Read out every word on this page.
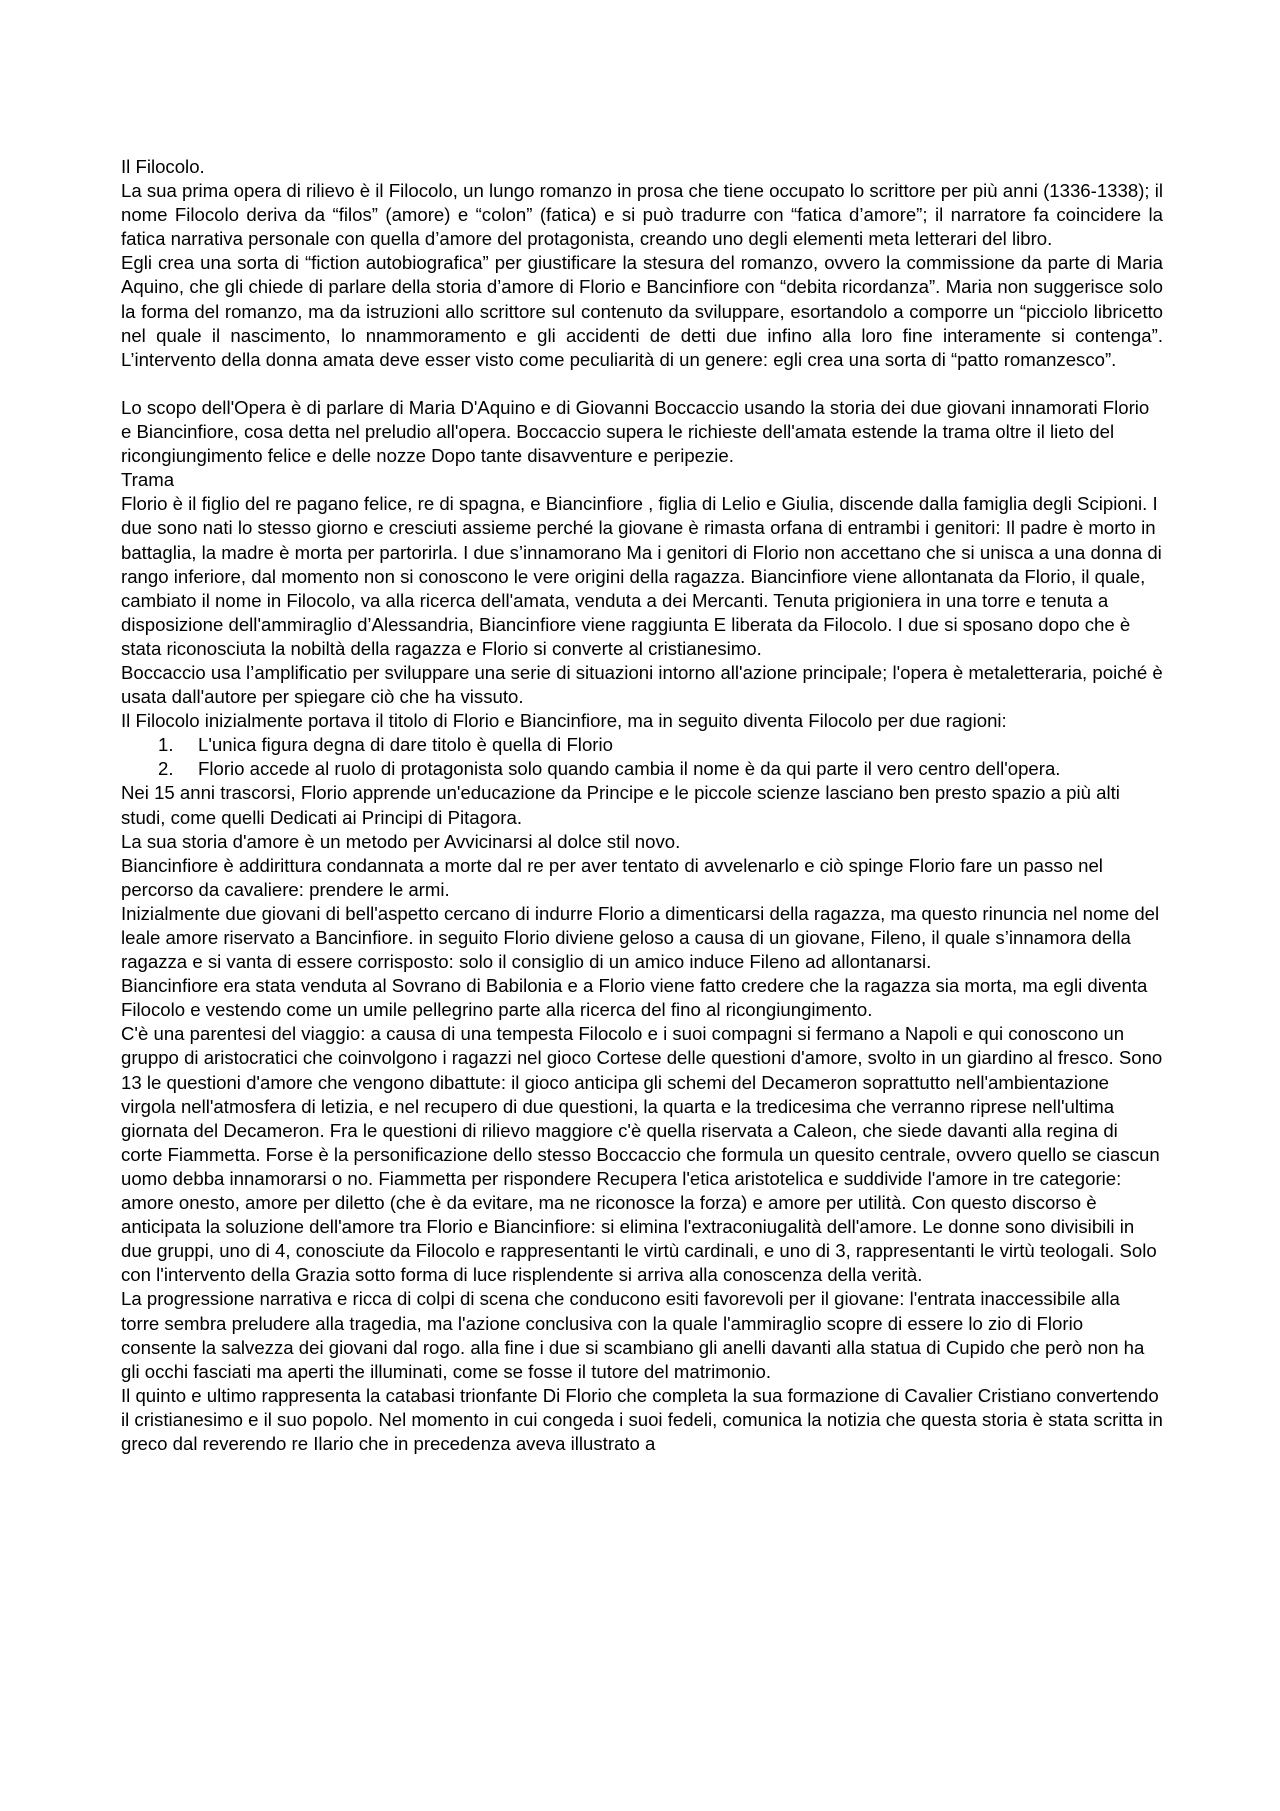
Il Filocolo.

La sua prima opera di rilievo è il Filocolo, un lungo romanzo in prosa che tiene occupato lo scrittore per più anni (1336-1338); il nome Filocolo deriva da “filos” (amore) e “colon” (fatica) e si può tradurre con “fatica d’amore”; il narratore fa coincidere la fatica narrativa personale con quella d’amore del protagonista, creando uno degli elementi meta letterari del libro.

Egli crea una sorta di “fiction autobiografica” per giustificare la stesura del romanzo, ovvero la commissione da parte di Maria Aquino, che gli chiede di parlare della storia d’amore di Florio e Bancinfiore con “debita ricordanza”. Maria non suggerisce solo la forma del romanzo, ma da istruzioni allo scrittore sul contenuto da sviluppare, esortandolo a comporre un “picciolo libricetto nel quale il nascimento, lo nnammoramento e gli accidenti de detti due infino alla loro fine interamente si contenga”. L’intervento della donna amata deve esser visto come peculiarità di un genere: egli crea una sorta di “patto romanzesco”.

Lo scopo dell'Opera è di parlare di Maria D'Aquino e di Giovanni Boccaccio usando la storia dei due giovani innamorati Florio e Biancinfiore, cosa detta nel preludio all'opera. Boccaccio supera le richieste dell'amata estende la trama oltre il lieto del ricongiungimento felice e delle nozze Dopo tante disavventure e peripezie.

Trama

Florio è il figlio del re pagano felice, re di spagna, e Biancinfiore , figlia di Lelio e Giulia, discende dalla famiglia degli Scipioni. I due sono nati lo stesso giorno e cresciuti assieme perché la giovane è rimasta orfana di entrambi i genitori: Il padre è morto in battaglia, la madre è morta per partorirla. I due s’innamorano Ma i genitori di Florio non accettano che si unisca a una donna di rango inferiore, dal momento non si conoscono le vere origini della ragazza. Biancinfiore viene allontanata da Florio, il quale, cambiato il nome in Filocolo, va alla ricerca dell'amata, venduta a dei Mercanti. Tenuta prigioniera in una torre e tenuta a disposizione dell'ammiraglio d’Alessandria, Biancinfiore viene raggiunta E liberata da Filocolo. I due si sposano dopo che è stata riconosciuta la nobiltà della ragazza e Florio si converte al cristianesimo.

Boccaccio usa l’amplificatio per sviluppare una serie di situazioni intorno all'azione principale; l'opera è metaletteraria, poiché è usata dall'autore per spiegare ciò che ha vissuto.

Il Filocolo inizialmente portava il titolo di Florio e Biancinfiore, ma in seguito diventa Filocolo per due ragioni:

1. L'unica figura degna di dare titolo è quella di Florio
2. Florio accede al ruolo di protagonista solo quando cambia il nome è da qui parte il vero centro dell'opera.

Nei 15 anni trascorsi, Florio apprende un'educazione da Principe e le piccole scienze lasciano ben presto spazio a più alti studi, come quelli Dedicati ai Principi di Pitagora.

La sua storia d'amore è un metodo per Avvicinarsi al dolce stil novo.

Biancinfiore è addirittura condannata a morte dal re per aver tentato di avvelenarlo e ciò spinge Florio fare un passo nel percorso da cavaliere: prendere le armi.

Inizialmente due giovani di bell'aspetto cercano di indurre Florio a dimenticarsi della ragazza, ma questo rinuncia nel nome del leale amore riservato a Bancinfiore. in seguito Florio diviene geloso a causa di un giovane, Fileno, il quale s’innamora della ragazza e si vanta di essere corrisposto: solo il consiglio di un amico induce Fileno ad allontanarsi.

Biancinfiore era stata venduta al Sovrano di Babilonia e a Florio viene fatto credere che la ragazza sia morta, ma egli diventa Filocolo e vestendo come un umile pellegrino parte alla ricerca del fino al ricongiungimento.

C'è una parentesi del viaggio: a causa di una tempesta Filocolo e i suoi compagni si fermano a Napoli e qui conoscono un gruppo di aristocratici che coinvolgono i ragazzi nel gioco Cortese delle questioni d'amore, svolto in un giardino al fresco. Sono 13 le questioni d'amore che vengono dibattute: il gioco anticipa gli schemi del Decameron soprattutto nell'ambientazione virgola nell'atmosfera di letizia, e nel recupero di due questioni, la quarta e la tredicesima che verranno riprese nell'ultima giornata del Decameron. Fra le questioni di rilievo maggiore c'è quella riservata a Caleon, che siede davanti alla regina di corte Fiammetta. Forse è la personificazione dello stesso Boccaccio che formula un quesito centrale, ovvero quello se ciascun uomo debba innamorarsi o no. Fiammetta per rispondere Recupera l'etica aristotelica e suddivide l'amore in tre categorie: amore onesto, amore per diletto (che è da evitare, ma ne riconosce la forza) e amore per utilità. Con questo discorso è anticipata la soluzione dell'amore tra Florio e Biancinfiore: si elimina l'extraconiugalità dell'amore. Le donne sono divisibili in due gruppi, uno di 4, conosciute da Filocolo e rappresentanti le virtù cardinali, e uno di 3, rappresentanti le virtù teologali. Solo con l'intervento della Grazia sotto forma di luce risplendente si arriva alla conoscenza della verità.

La progressione narrativa e ricca di colpi di scena che conducono esiti favorevoli per il giovane: l'entrata inaccessibile alla torre sembra preludere alla tragedia, ma l'azione conclusiva con la quale l'ammiraglio scopre di essere lo zio di Florio consente la salvezza dei giovani dal rogo. alla fine i due si scambiano gli anelli davanti alla statua di Cupido che però non ha gli occhi fasciati ma aperti the illuminati, come se fosse il tutore del matrimonio.

Il quinto e ultimo rappresenta la catabasi trionfante Di Florio che completa la sua formazione di Cavalier Cristiano convertendo il cristianesimo e il suo popolo. Nel momento in cui congeda i suoi fedeli, comunica la notizia che questa storia è stata scritta in greco dal reverendo re Ilario che in precedenza aveva illustrato a
